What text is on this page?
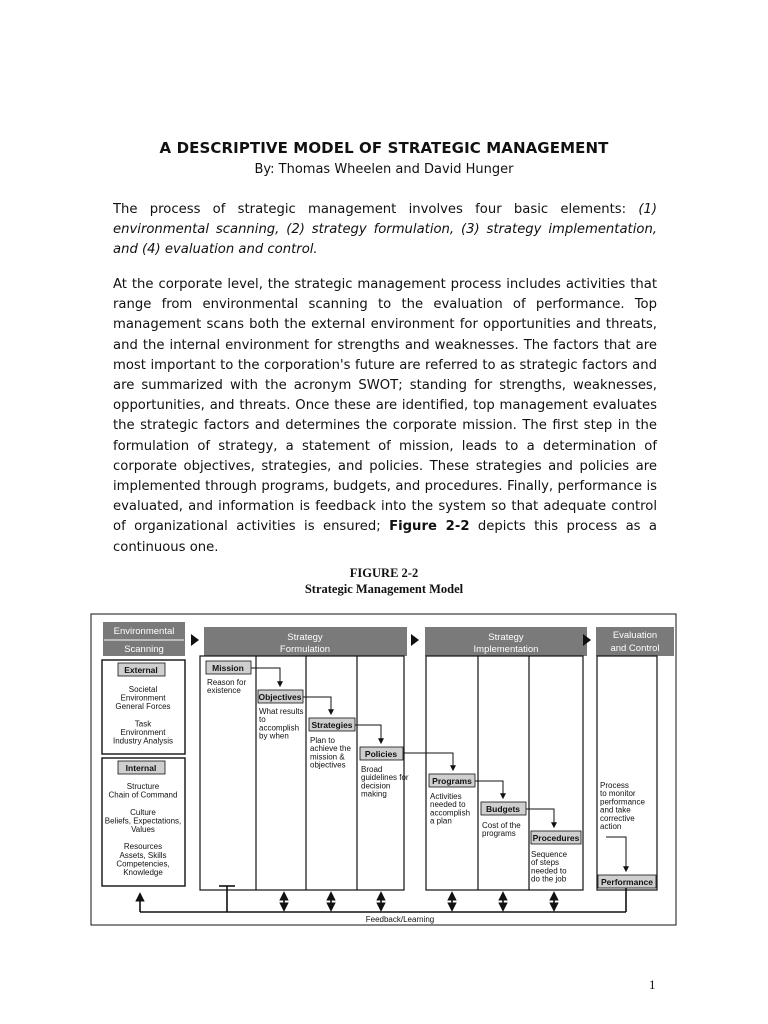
A DESCRIPTIVE MODEL OF STRATEGIC MANAGEMENT
By: Thomas Wheelen and David Hunger

The process of strategic management involves four basic elements: (1) environmental scanning, (2) strategy formulation, (3) strategy implementation, and (4) evaluation and control.

At the corporate level, the strategic management process includes activities that range from environmental scanning to the evaluation of performance. Top management scans both the external environment for opportunities and threats, and the internal environment for strengths and weaknesses. The factors that are most important to the corporation's future are referred to as strategic factors and are summarized with the acronym SWOT; standing for strengths, weaknesses, opportunities, and threats. Once these are identified, top management evaluates the strategic factors and determines the corporate mission. The first step in the formulation of strategy, a statement of mission, leads to a determination of corporate objectives, strategies, and policies. These strategies and policies are implemented through programs, budgets, and procedures. Finally, performance is evaluated, and information is feedback into the system so that adequate control of organizational activities is ensured; Figure 2-2 depicts this process as a continuous one.

FIGURE 2-2
Strategic Management Model
Environmental
Scanning
Strategy
Formulation
Strategy
Implementation
Evaluation
and Control
External
Societal
Environment
General Forces
Task
Environment
Industry Analysis
Internal
Structure
Chain of Command
Culture
Beliefs, Expectations,
Values
Resources
Assets, Skills
Competencies,
Knowledge
Mission
Reason for
existence
Objectives
What results
to
accomplish
by when
Strategies
Plan to
achieve the
mission &
objectives
Policies
Broad
guidelines for
decision
making
Programs
Activities
needed to
accomplish
a plan
Budgets
Cost of the
programs Procedures
Sequence
of steps
needed to
do the job
Process
to monitor
performance
and take
corrective
action
Performance
Feedback/Learning
1
